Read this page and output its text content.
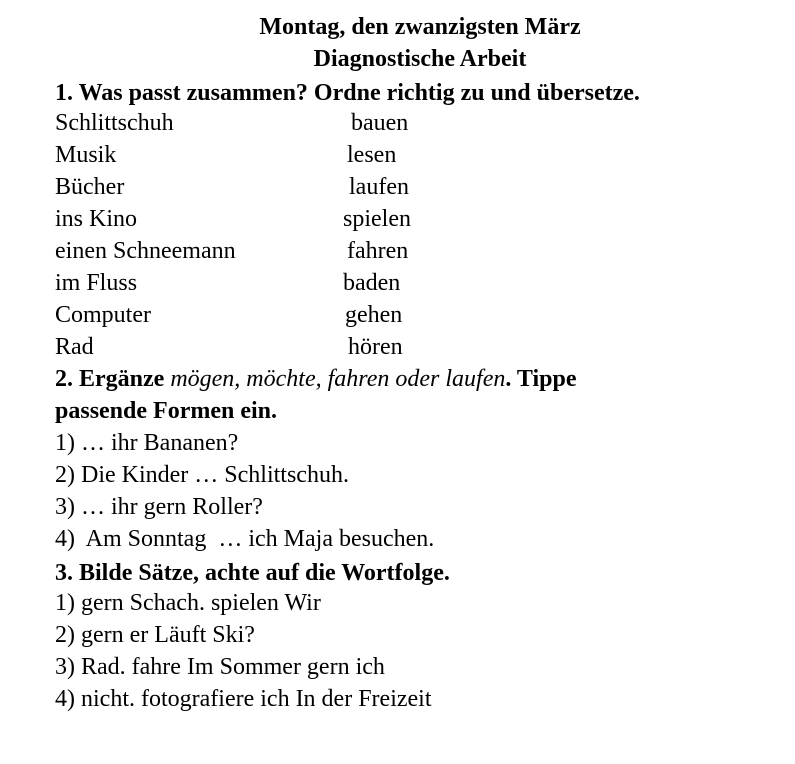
Montag, den zwanzigsten März
Diagnostische Arbeit
1. Was passt zusammen? Ordne richtig zu und übersetze.
Schlittschuh	bauen
Musik	lesen
Bücher	laufen
ins Kino	spielen
einen Schneemann	fahren
im Fluss	baden
Computer	gehen
Rad	hören
2. Ergänze mögen, möchte, fahren oder laufen. Tippe
passende Formen ein.
1) … ihr Bananen?
2) Die Kinder … Schlittschuh.
3) … ihr gern Roller?
4)  Am Sonntag  … ich Maja besuchen.
3. Bilde Sätze, achte auf die Wortfolge.
1) gern Schach. spielen Wir
2) gern er Läuft Ski?
3) Rad. fahre Im Sommer gern ich
4) nicht. fotografiere ich In der Freizeit
